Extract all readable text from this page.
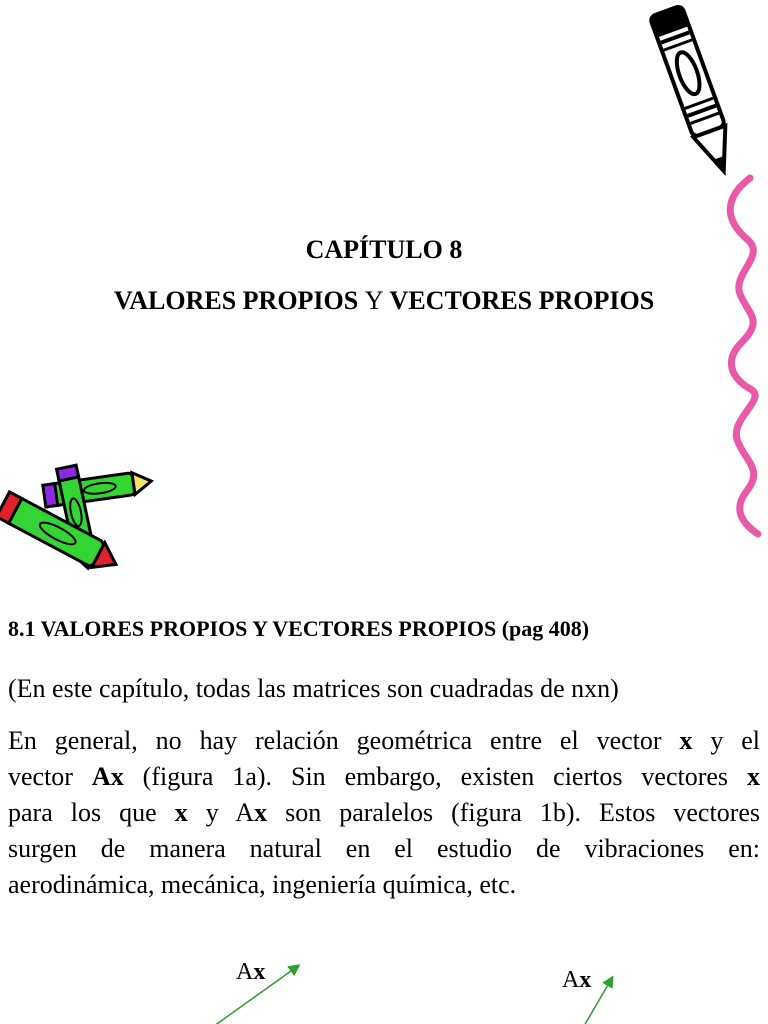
CAPÍTULO 8
VALORES PROPIOS Y VECTORES PROPIOS
8.1 VALORES PROPIOS Y VECTORES PROPIOS (pag 408)
(En este capítulo, todas las matrices son cuadradas de nxn)
En general, no hay relación geométrica entre el vector x y el
vector Ax (figura 1a). Sin embargo, existen ciertos vectores x
para los que x y Ax son paralelos (figura 1b). Estos vectores
surgen de manera natural en el estudio de vibraciones en:
aerodinámica, mecánica, ingeniería química, etc.
Ax	Ax
